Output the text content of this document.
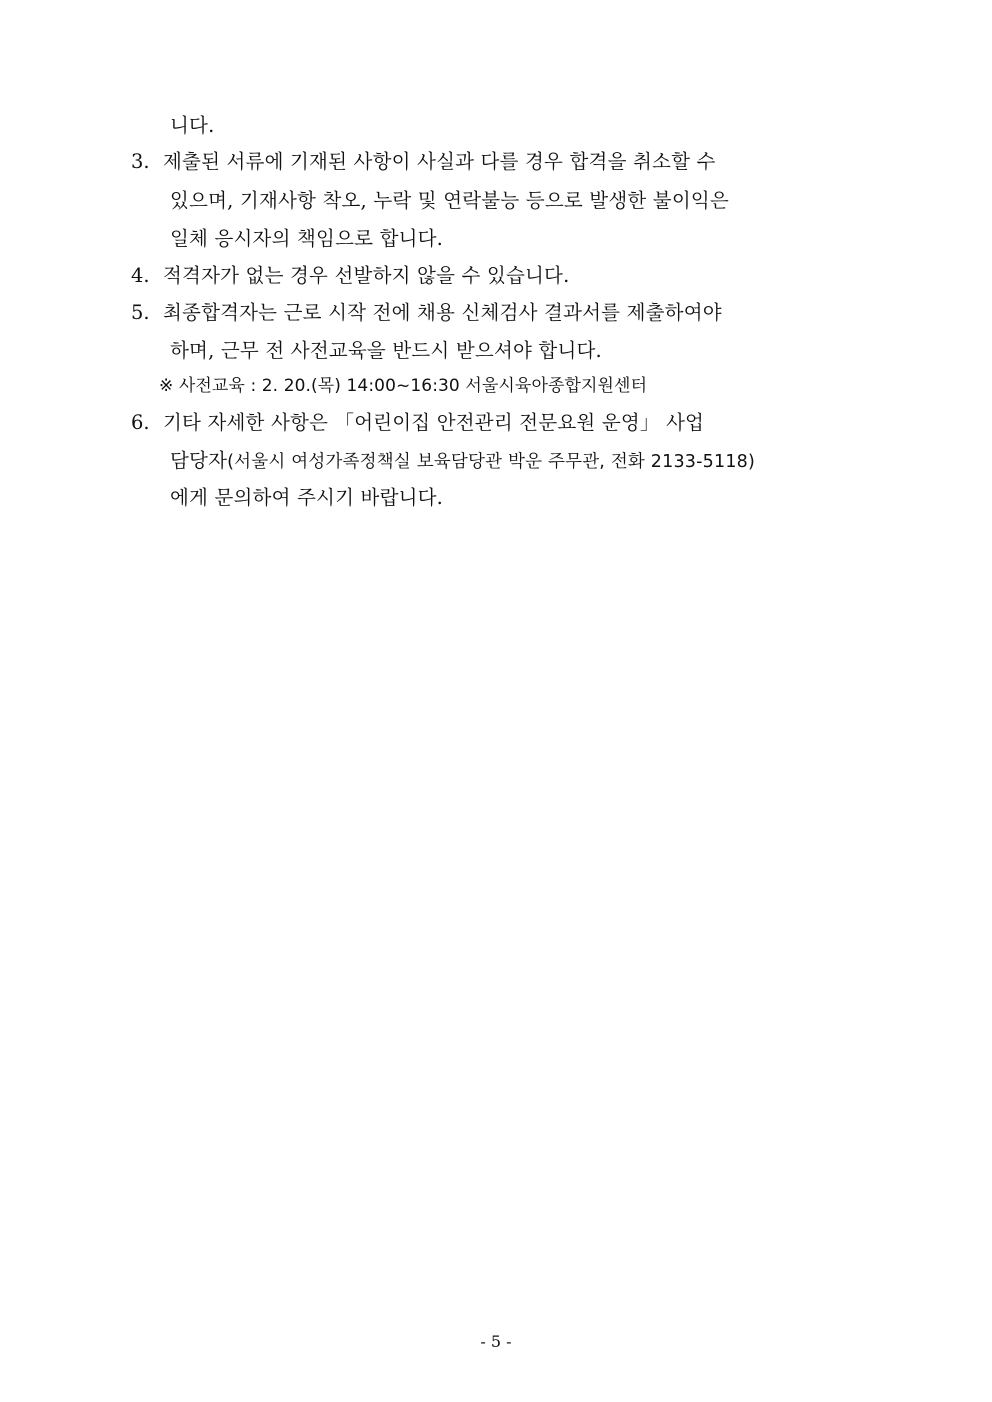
니다.
3. 제출된 서류에 기재된 사항이 사실과 다를 경우 합격을 취소할 수
있으며, 기재사항 착오, 누락 및 연락불능 등으로 발생한 불이익은
일체 응시자의 책임으로 합니다.
4. 적격자가 없는 경우 선발하지 않을 수 있습니다.
5. 최종합격자는 근로 시작 전에 채용 신체검사 결과서를 제출하여야
하며, 근무 전 사전교육을 반드시 받으셔야 합니다.
※ 사전교육 : 2. 20.(목) 14:00~16:30 서울시육아종합지원센터
6. 기타 자세한 사항은 「어린이집 안전관리 전문요원 운영」 사업
담당자(서울시 여성가족정책실 보육담당관 박운 주무관, 전화 2133-5118)
에게 문의하여 주시기 바랍니다.
- 5 -
